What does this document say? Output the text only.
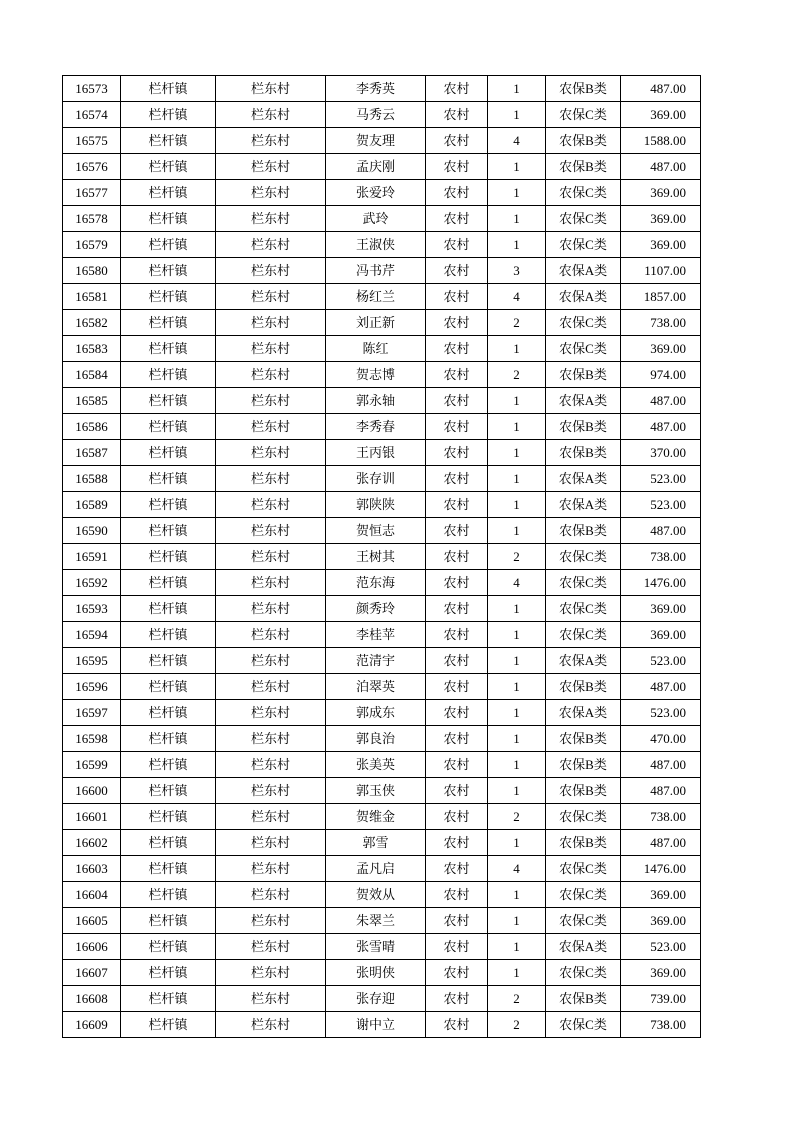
16573	栏杆镇	栏东村	李秀英	农村	1	农保B类	487.00
16574	栏杆镇	栏东村	马秀云	农村	1	农保C类	369.00
16575	栏杆镇	栏东村	贺友理	农村	4	农保B类	1588.00
16576	栏杆镇	栏东村	孟庆刚	农村	1	农保B类	487.00
16577	栏杆镇	栏东村	张爱玲	农村	1	农保C类	369.00
16578	栏杆镇	栏东村	武玲	农村	1	农保C类	369.00
16579	栏杆镇	栏东村	王淑侠	农村	1	农保C类	369.00
16580	栏杆镇	栏东村	冯书芹	农村	3	农保A类	1107.00
16581	栏杆镇	栏东村	杨红兰	农村	4	农保A类	1857.00
16582	栏杆镇	栏东村	刘正新	农村	2	农保C类	738.00
16583	栏杆镇	栏东村	陈红	农村	1	农保C类	369.00
16584	栏杆镇	栏东村	贺志博	农村	2	农保B类	974.00
16585	栏杆镇	栏东村	郭永轴	农村	1	农保A类	487.00
16586	栏杆镇	栏东村	李秀春	农村	1	农保B类	487.00
16587	栏杆镇	栏东村	王丙银	农村	1	农保B类	370.00
16588	栏杆镇	栏东村	张存训	农村	1	农保A类	523.00
16589	栏杆镇	栏东村	郭陕陕	农村	1	农保A类	523.00
16590	栏杆镇	栏东村	贺恒志	农村	1	农保B类	487.00
16591	栏杆镇	栏东村	王树其	农村	2	农保C类	738.00
16592	栏杆镇	栏东村	范东海	农村	4	农保C类	1476.00
16593	栏杆镇	栏东村	颜秀玲	农村	1	农保C类	369.00
16594	栏杆镇	栏东村	李桂苹	农村	1	农保C类	369.00
16595	栏杆镇	栏东村	范清宇	农村	1	农保A类	523.00
16596	栏杆镇	栏东村	泊翠英	农村	1	农保B类	487.00
16597	栏杆镇	栏东村	郭成东	农村	1	农保A类	523.00
16598	栏杆镇	栏东村	郭良治	农村	1	农保B类	470.00
16599	栏杆镇	栏东村	张美英	农村	1	农保B类	487.00
16600	栏杆镇	栏东村	郭玉侠	农村	1	农保B类	487.00
16601	栏杆镇	栏东村	贺维金	农村	2	农保C类	738.00
16602	栏杆镇	栏东村	郭雪	农村	1	农保B类	487.00
16603	栏杆镇	栏东村	孟凡启	农村	4	农保C类	1476.00
16604	栏杆镇	栏东村	贺效从	农村	1	农保C类	369.00
16605	栏杆镇	栏东村	朱翠兰	农村	1	农保C类	369.00
16606	栏杆镇	栏东村	张雪晴	农村	1	农保A类	523.00
16607	栏杆镇	栏东村	张明侠	农村	1	农保C类	369.00
16608	栏杆镇	栏东村	张存迎	农村	2	农保B类	739.00
16609	栏杆镇	栏东村	谢中立	农村	2	农保C类	738.00
